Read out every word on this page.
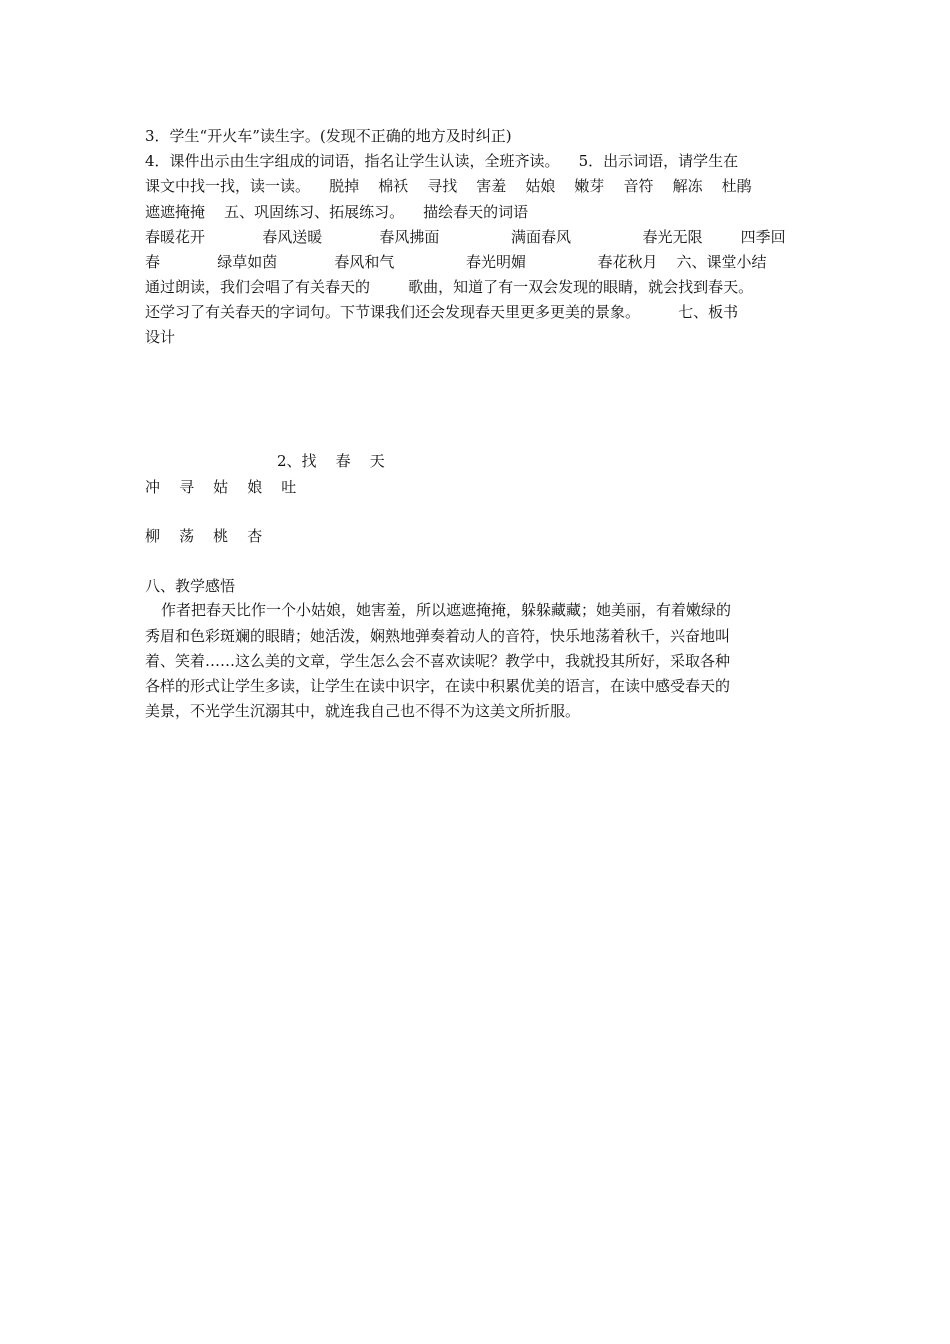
3．学生“开火车”读生字。(发现不正确的地方及时纠正)
4．课件出示由生字组成的词语，指名让学生认读，全班齐读。    5．出示词语，请学生在
课文中找一找，读一读。    脱掉    棉袄    寻找    害羞    姑娘    嫩芽    音符    解冻    杜鹃
遮遮掩掩    五、巩固练习、拓展练习。    描绘春天的词语
春暖花开            春风送暖            春风拂面               满面春风               春光无限        四季回
春            绿草如茵            春风和气               春光明媚               春花秋月    六、课堂小结
通过朗读，我们会唱了有关春天的        歌曲，知道了有一双会发现的眼睛，就会找到春天。
还学习了有关春天的字词句。下节课我们还会发现春天里更多更美的景象。        七、板书
设计
2、找    春    天
冲    寻    姑    娘    吐
柳    荡    桃    杏
八、教学感悟
作者把春天比作一个小姑娘，她害羞，所以遮遮掩掩，躲躲藏藏；她美丽，有着嫩绿的
秀眉和色彩斑斓的眼睛；她活泼，娴熟地弹奏着动人的音符，快乐地荡着秋千，兴奋地叫
着、笑着……这么美的文章，学生怎么会不喜欢读呢？教学中，我就投其所好，采取各种
各样的形式让学生多读，让学生在读中识字，在读中积累优美的语言，在读中感受春天的
美景，不光学生沉溺其中，就连我自己也不得不为这美文所折服。
